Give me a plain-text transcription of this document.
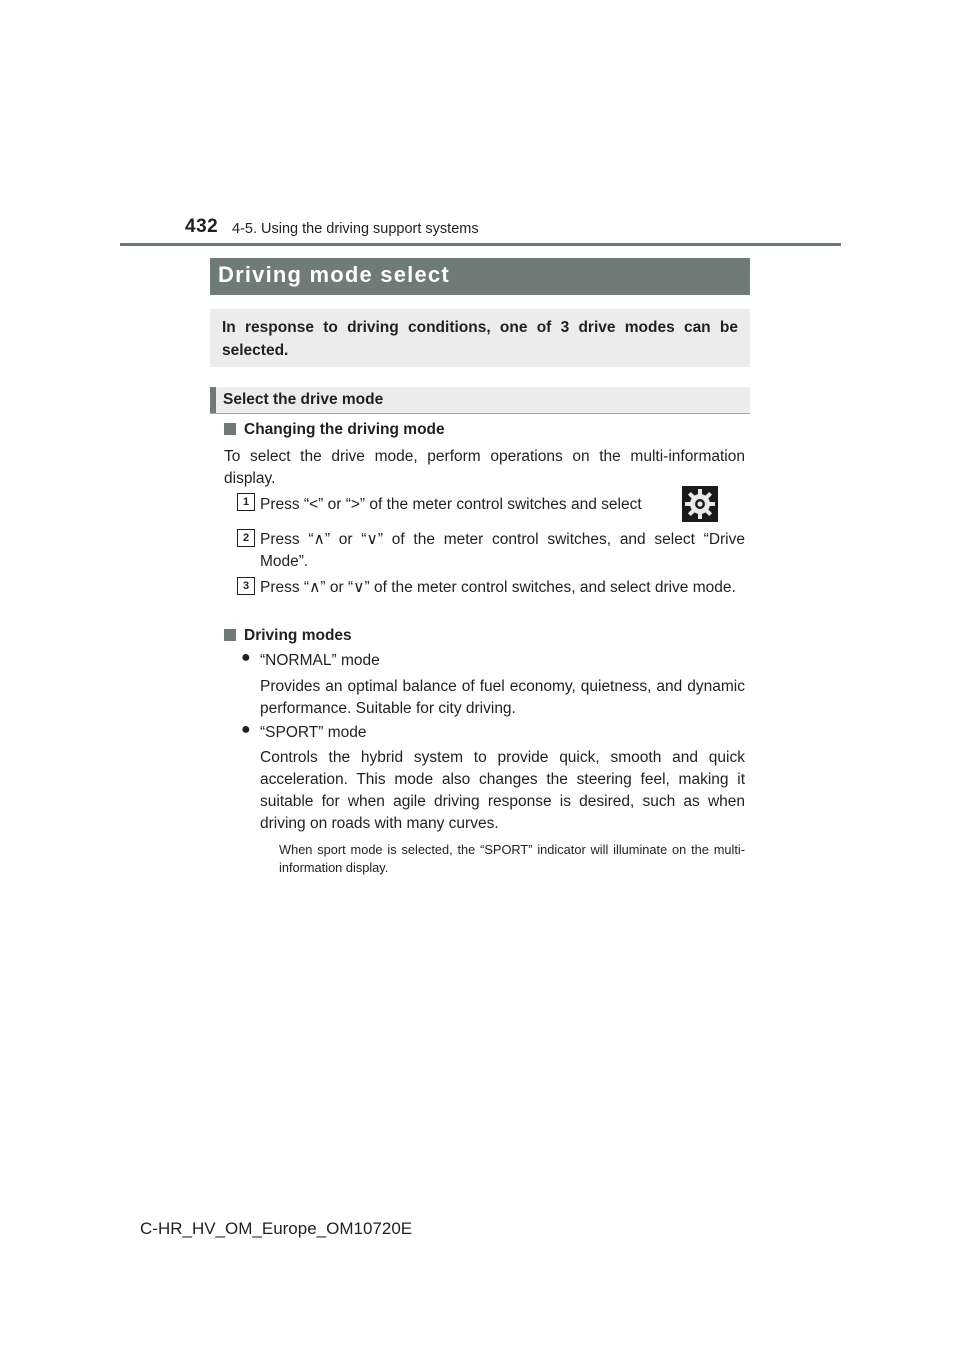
432 4-5. Using the driving support systems
Driving mode select

In response to driving conditions, one of 3 drive modes can be selected.

Select the drive mode
Changing the driving mode
To select the drive mode, perform operations on the multi-information display.
1 Press “<” or “>” of the meter control switches and select
2 Press “∧” or “∨” of the meter control switches, and select “Drive Mode”.
3 Press “∧” or “∨” of the meter control switches, and select drive mode.
Driving modes
● “NORMAL” mode
Provides an optimal balance of fuel economy, quietness, and dynamic performance. Suitable for city driving.
● “SPORT” mode
Controls the hybrid system to provide quick, smooth and quick acceleration. This mode also changes the steering feel, making it suitable for when agile driving response is desired, such as when driving on roads with many curves.
When sport mode is selected, the “SPORT” indicator will illuminate on the multi-information display.
C-HR_HV_OM_Europe_OM10720E
